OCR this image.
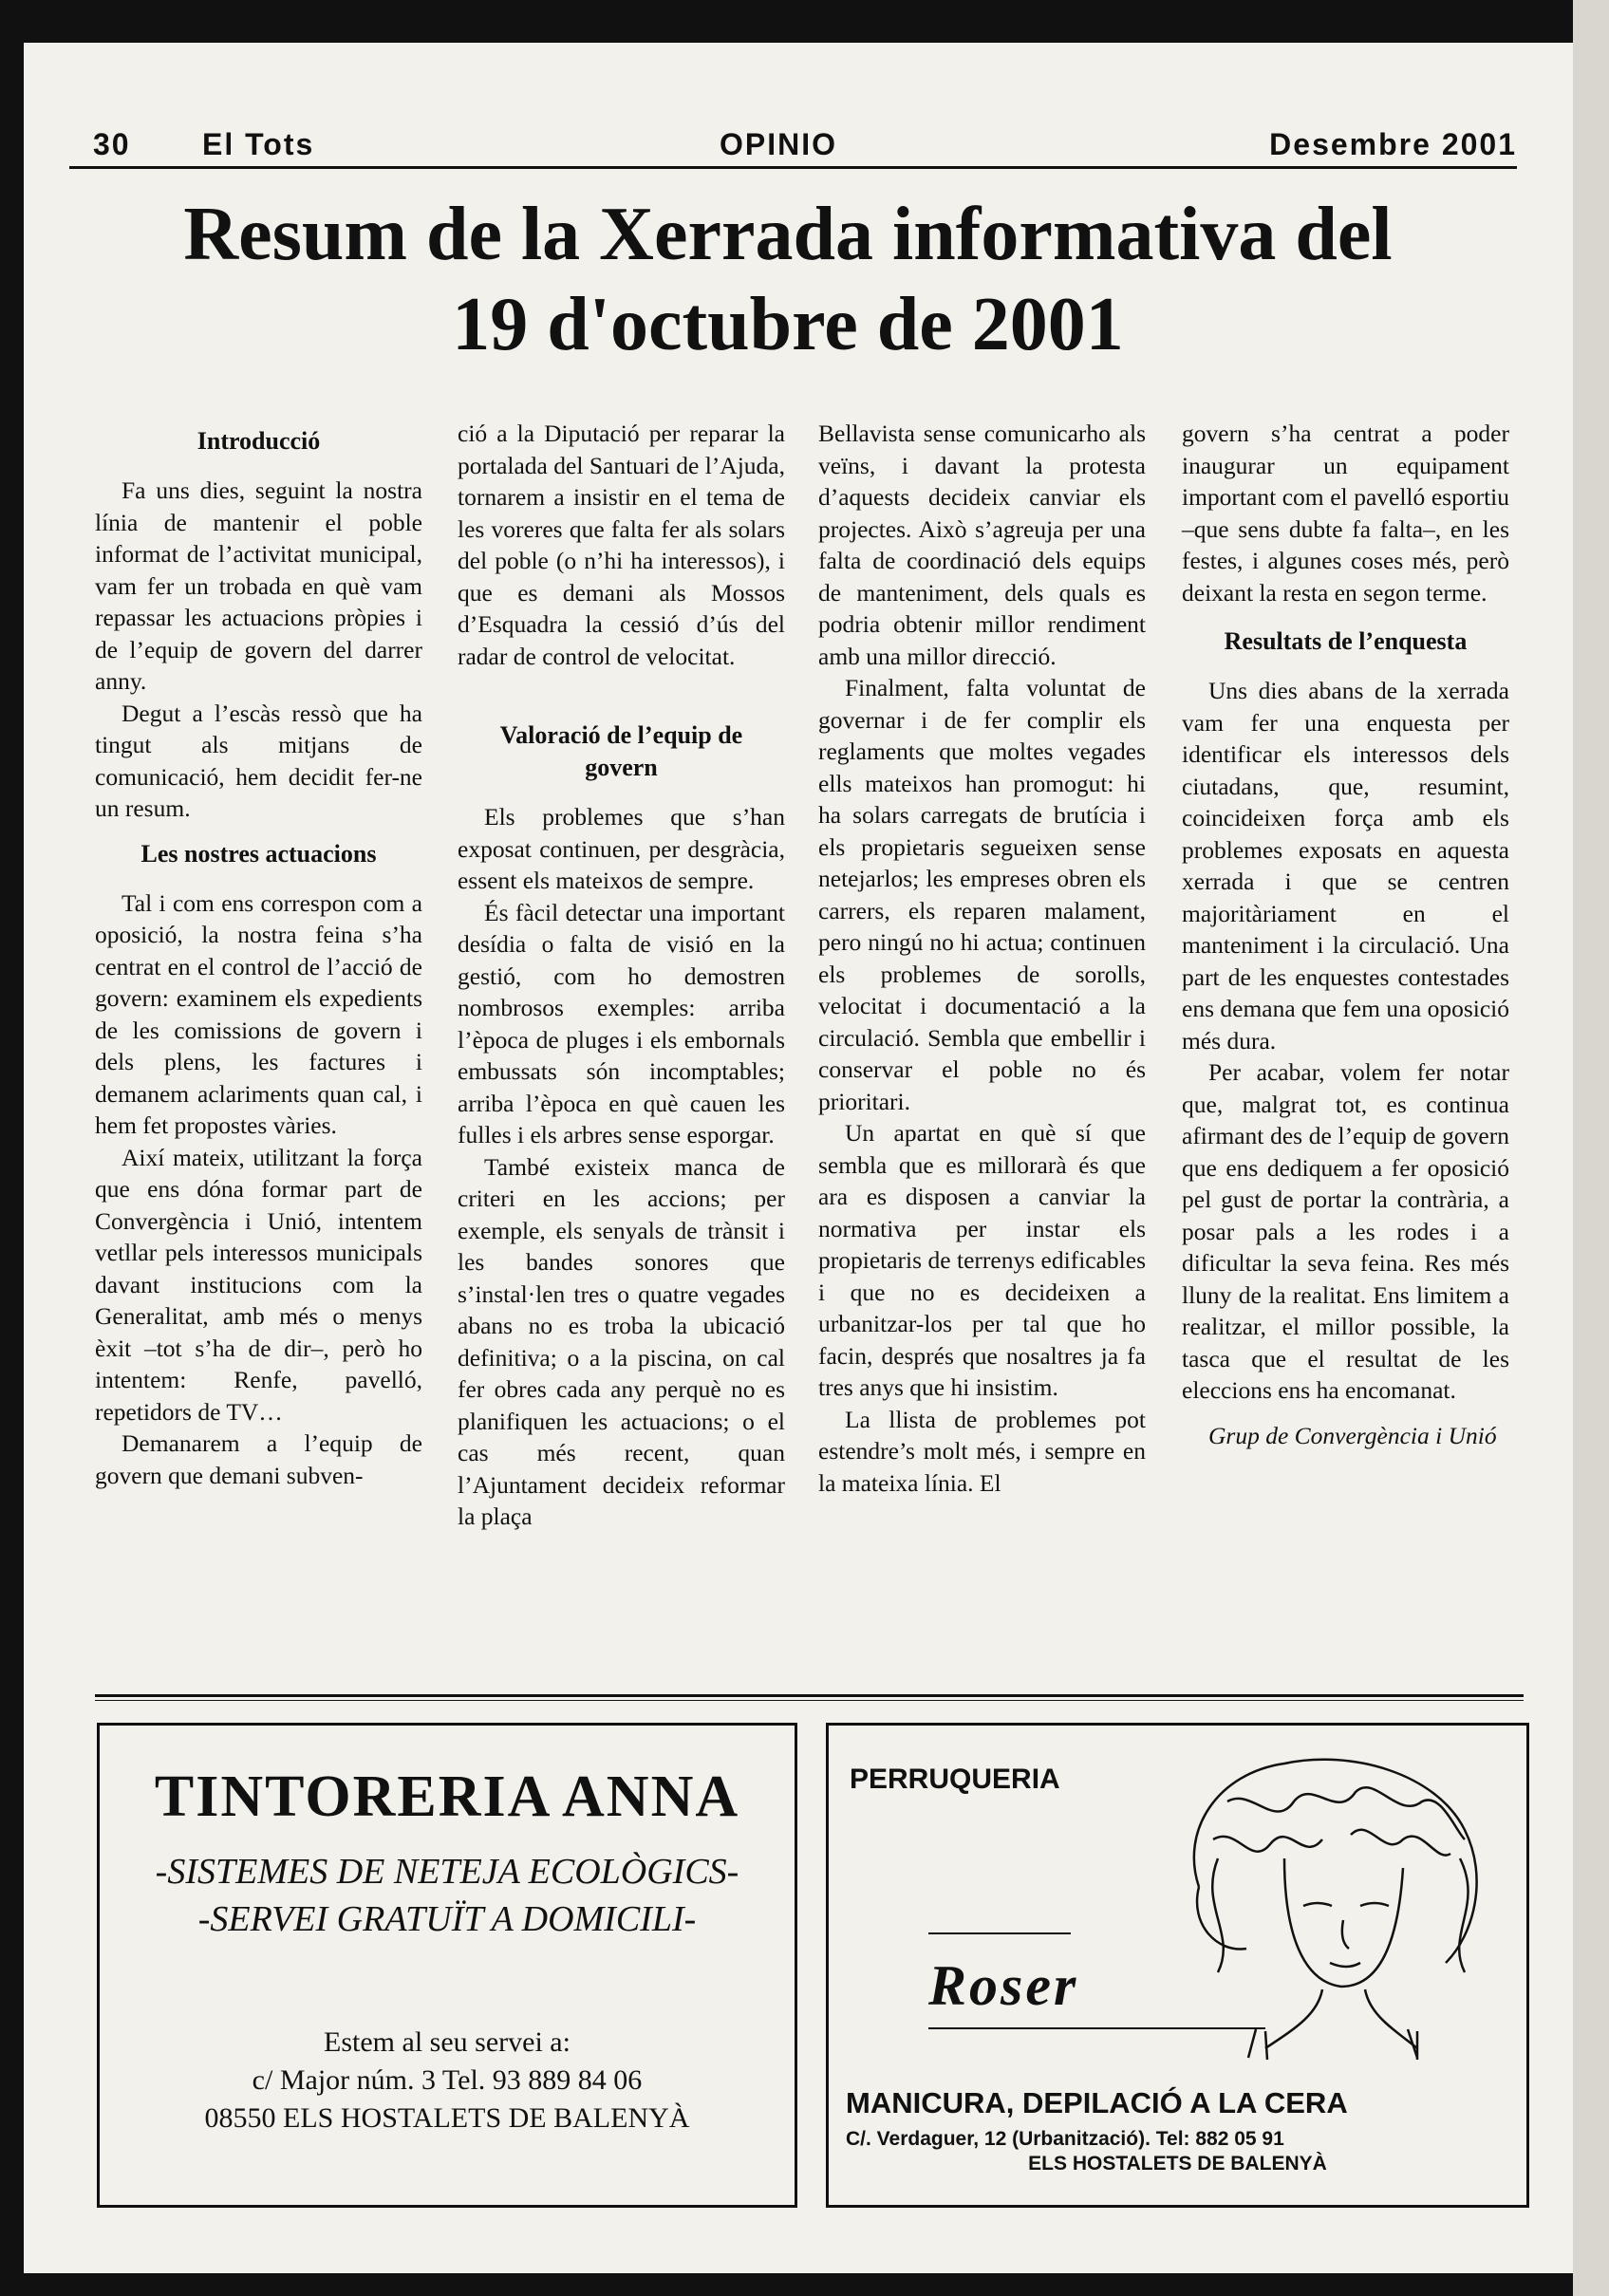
30 El Tots	OPINIO	Desembre 2001
Resum de la Xerrada informativa del
19 d'octubre de 2001
Introducció

Fa uns dies, seguint la nostra línia de mantenir el poble informat de l’activitat municipal, vam fer un trobada en què vam repassar les actuacions pròpies i de l’equip de govern del darrer anny.

Degut a l’escàs ressò que ha tingut als mitjans de comunicació, hem decidit fer-ne un resum.

Les nostres actuacions

Tal i com ens correspon com a oposició, la nostra feina s’ha centrat en el control de l’acció de govern: examinem els expedients de les comissions de govern i dels plens, les factures i demanem aclariments quan cal, i hem fet propostes vàries.

Així mateix, utilitzant la força que ens dóna formar part de Convergència i Unió, intentem vetllar pels interessos municipals davant institucions com la Generalitat, amb més o menys èxit –tot s’ha de dir–, però ho intentem: Renfe, pavelló, repetidors de TV…

Demanarem a l’equip de govern que demani subven-

ció a la Diputació per reparar la portalada del Santuari de l’Ajuda, tornarem a insistir en el tema de les voreres que falta fer als solars del poble (o n’hi ha interessos), i que es demani als Mossos d’Esquadra la cessió d’ús del radar de control de velocitat.

Valoració de l’equip de govern

Els problemes que s’han exposat continuen, per desgràcia, essent els mateixos de sempre.

És fàcil detectar una important desídia o falta de visió en la gestió, com ho demostren nombrosos exemples: arriba l’època de pluges i els embornals embussats són incomptables; arriba l’època en què cauen les fulles i els arbres sense esporgar.

També existeix manca de criteri en les accions; per exemple, els senyals de trànsit i les bandes sonores que s’instal·len tres o quatre vegades abans no es troba la ubicació definitiva; o a la piscina, on cal fer obres cada any perquè no es planifiquen les actuacions; o el cas més recent, quan l’Ajuntament decideix reformar la plaça

Bellavista sense comunicarho als veïns, i davant la protesta d’aquests decideix canviar els projectes. Això s’agreuja per una falta de coordinació dels equips de manteniment, dels quals es podria obtenir millor rendiment amb una millor direcció.

Finalment, falta voluntat de governar i de fer complir els reglaments que moltes vegades ells mateixos han promogut: hi ha solars carregats de brutícia i els propietaris segueixen sense netejarlos; les empreses obren els carrers, els reparen malament, pero ningú no hi actua; continuen els problemes de sorolls, velocitat i documentació a la circulació. Sembla que embellir i conservar el poble no és prioritari.

Un apartat en què sí que sembla que es millorarà és que ara es disposen a canviar la normativa per instar els propietaris de terrenys edificables i que no es decideixen a urbanitzar-los per tal que ho facin, després que nosaltres ja fa tres anys que hi insistim.

La llista de problemes pot estendre’s molt més, i sempre en la mateixa línia. El

govern s’ha centrat a poder inaugurar un equipament important com el pavelló esportiu –que sens dubte fa falta–, en les festes, i algunes coses més, però deixant la resta en segon terme.

Resultats de l’enquesta

Uns dies abans de la xerrada vam fer una enquesta per identificar els interessos dels ciutadans, que, resumint, coincideixen força amb els problemes exposats en aquesta xerrada i que se centren majoritàriament en el manteniment i la circulació. Una part de les enquestes contestades ens demana que fem una oposició més dura.

Per acabar, volem fer notar que, malgrat tot, es continua afirmant des de l’equip de govern que ens dediquem a fer oposició pel gust de portar la contrària, a posar pals a les rodes i a dificultar la seva feina. Res més lluny de la realitat. Ens limitem a realitzar, el millor possible, la tasca que el resultat de les eleccions ens ha encomanat.

Grup de Convergència i Unió

TINTORERIA ANNA
-SISTEMES DE NETEJA ECOLÒGICS-
-SERVEI GRATUÏT A DOMICILI-
Estem al seu servei a:
c/ Major núm. 3 Tel. 93 889 84 06
08550 ELS HOSTALETS DE BALENYÀ
PERRUQUERIA
Roser
MANICURA, DEPILACIÓ A LA CERA
C/. Verdaguer, 12 (Urbanització). Tel: 882 05 91
ELS HOSTALETS DE BALENYÀ
